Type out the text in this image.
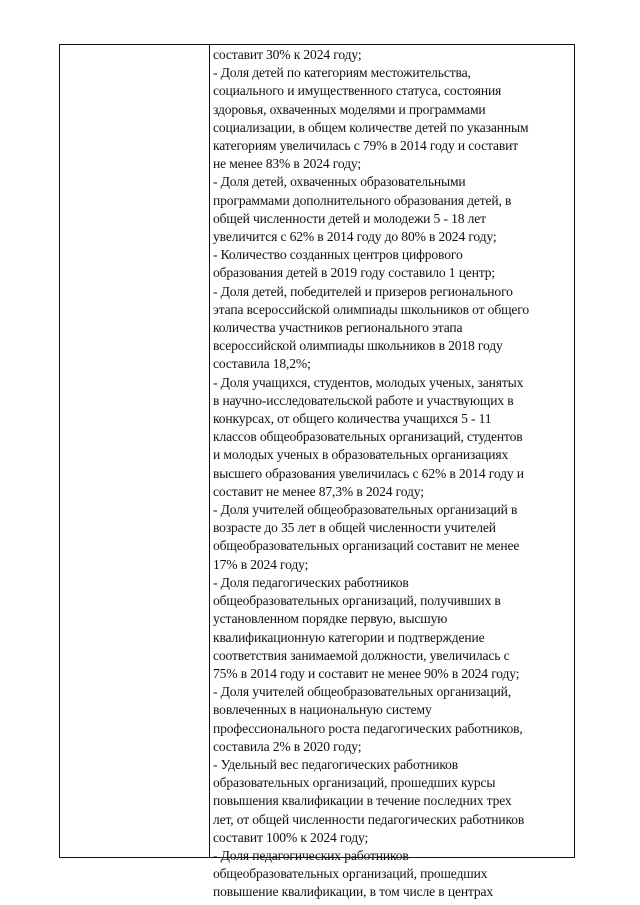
составит 30% к 2024 году;
- Доля детей по категориям местожительства,
социального и имущественного статуса, состояния
здоровья, охваченных моделями и программами
социализации, в общем количестве детей по указанным
категориям увеличилась с 79% в 2014 году и составит
не менее 83% в 2024 году;
- Доля детей, охваченных образовательными
программами дополнительного образования детей, в
общей численности детей и молодежи 5 - 18 лет
увеличится с 62% в 2014 году до 80% в 2024 году;
- Количество созданных центров цифрового
образования детей в 2019 году составило 1 центр;
- Доля детей, победителей и призеров регионального
этапа всероссийской олимпиады школьников от общего
количества участников регионального этапа
всероссийской олимпиады школьников в 2018 году
составила 18,2%;
- Доля учащихся, студентов, молодых ученых, занятых
в научно-исследовательской работе и участвующих в
конкурсах, от общего количества учащихся 5 - 11
классов общеобразовательных организаций, студентов
и молодых ученых в образовательных организациях
высшего образования увеличилась с 62% в 2014 году и
составит не менее 87,3% в 2024 году;
- Доля учителей общеобразовательных организаций в
возрасте до 35 лет в общей численности учителей
общеобразовательных организаций составит не менее
17% в 2024 году;
- Доля педагогических работников
общеобразовательных организаций, получивших в
установленном порядке первую, высшую
квалификационную категории и подтверждение
соответствия занимаемой должности, увеличилась с
75% в 2014 году и составит не менее 90% в 2024 году;
- Доля учителей общеобразовательных организаций,
вовлеченных в национальную систему
профессионального роста педагогических работников,
составила 2% в 2020 году;
- Удельный вес педагогических работников
образовательных организаций, прошедших курсы
повышения квалификации в течение последних трех
лет, от общей численности педагогических работников
составит 100% к 2024 году;
- Доля педагогических работников
общеобразовательных организаций, прошедших
повышение квалификации, в том числе в центрах
